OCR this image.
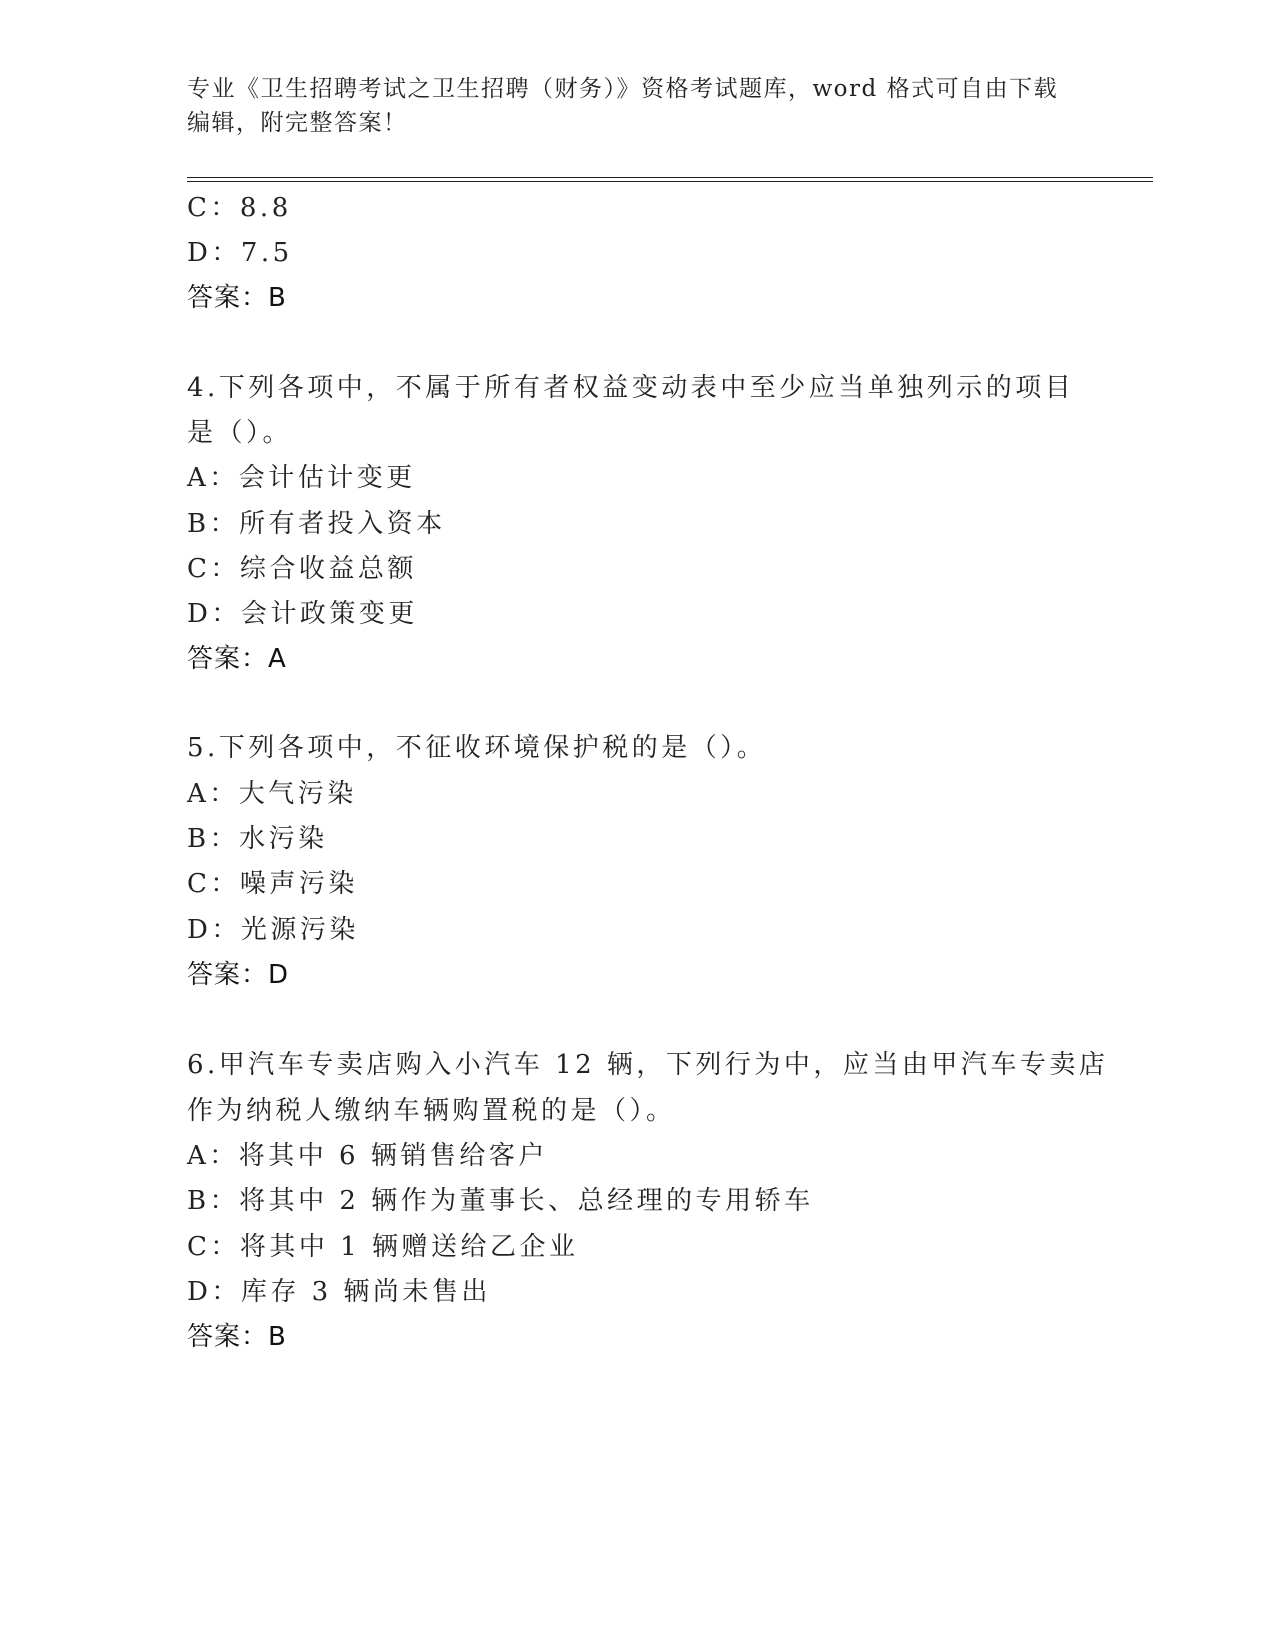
专业《卫生招聘考试之卫生招聘（财务）》资格考试题库，word 格式可自由下载
编辑，附完整答案！
C：8.8
D：7.5
答案：B
4.下列各项中，不属于所有者权益变动表中至少应当单独列示的项目
是（）。
A：会计估计变更
B：所有者投入资本
C：综合收益总额
D：会计政策变更
答案：A
5.下列各项中，不征收环境保护税的是（）。
A：大气污染
B：水污染
C：噪声污染
D：光源污染
答案：D
6.甲汽车专卖店购入小汽车 12 辆，下列行为中，应当由甲汽车专卖店
作为纳税人缴纳车辆购置税的是（）。
A：将其中 6 辆销售给客户
B：将其中 2 辆作为董事长、总经理的专用轿车
C：将其中 1 辆赠送给乙企业
D：库存 3 辆尚未售出
答案：B
